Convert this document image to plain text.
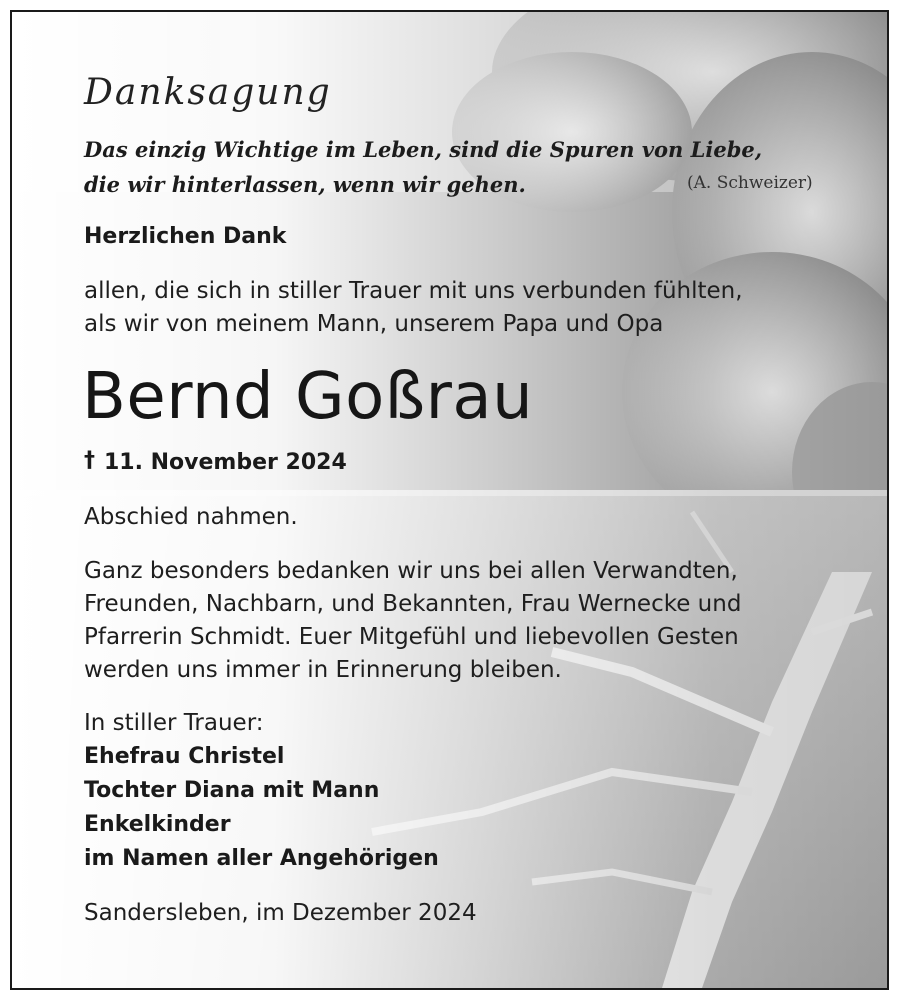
Danksagung
Das einzig Wichtige im Leben, sind die Spuren von Liebe,
die wir hinterlassen, wenn wir gehen.	(A. Schweizer)
Herzlichen Dank
allen, die sich in stiller Trauer mit uns verbunden fühlten,
als wir von meinem Mann, unserem Papa und Opa
Bernd Goßrau
† 11. November 2024
Abschied nahmen.
Ganz besonders bedanken wir uns bei allen Verwandten,
Freunden, Nachbarn, und Bekannten, Frau Wernecke und
Pfarrerin Schmidt. Euer Mitgefühl und liebevollen Gesten
werden uns immer in Erinnerung bleiben.
In stiller Trauer:
Ehefrau Christel
Tochter Diana mit Mann
Enkelkinder
im Namen aller Angehörigen
Sandersleben, im Dezember 2024
